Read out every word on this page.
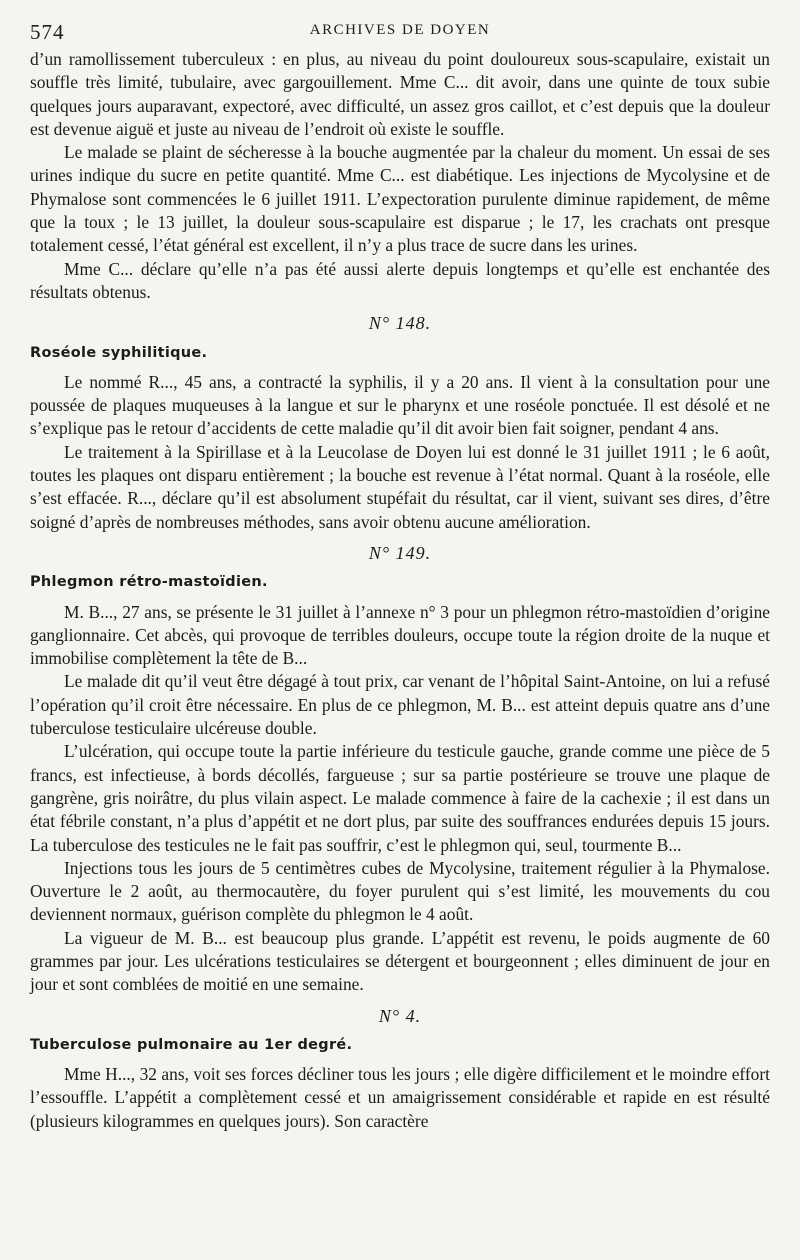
574	ARCHIVES DE DOYEN

d’un ramollissement tuberculeux : en plus, au niveau du point douloureux sous-scapulaire, existait un souffle très limité, tubulaire, avec gargouillement. Mme C... dit avoir, dans une quinte de toux subie quelques jours auparavant, expectoré, avec difficulté, un assez gros caillot, et c’est depuis que la douleur est devenue aiguë et juste au niveau de l’endroit où existe le souffle.

Le malade se plaint de sécheresse à la bouche augmentée par la chaleur du moment. Un essai de ses urines indique du sucre en petite quantité. Mme C... est diabétique. Les injections de Mycolysine et de Phymalose sont commencées le 6 juillet 1911. L’expectoration purulente diminue rapidement, de même que la toux ; le 13 juillet, la douleur sous-scapulaire est disparue ; le 17, les crachats ont presque totalement cessé, l’état général est excellent, il n’y a plus trace de sucre dans les urines.

Mme C... déclare qu’elle n’a pas été aussi alerte depuis longtemps et qu’elle est enchantée des résultats obtenus.

N° 148.
Roséole syphilitique.

Le nommé R..., 45 ans, a contracté la syphilis, il y a 20 ans. Il vient à la consultation pour une poussée de plaques muqueuses à la langue et sur le pharynx et une roséole ponctuée. Il est désolé et ne s’explique pas le retour d’accidents de cette maladie qu’il dit avoir bien fait soigner, pendant 4 ans.

Le traitement à la Spirillase et à la Leucolase de Doyen lui est donné le 31 juillet 1911 ; le 6 août, toutes les plaques ont disparu entièrement ; la bouche est revenue à l’état normal. Quant à la roséole, elle s’est effacée. R..., déclare qu’il est absolument stupéfait du résultat, car il vient, suivant ses dires, d’être soigné d’après de nombreuses méthodes, sans avoir obtenu aucune amélioration.

N° 149.
Phlegmon rétro-mastoïdien.

M. B..., 27 ans, se présente le 31 juillet à l’annexe n° 3 pour un phlegmon rétro-mastoïdien d’origine ganglionnaire. Cet abcès, qui provoque de terribles douleurs, occupe toute la région droite de la nuque et immobilise complètement la tête de B...

Le malade dit qu’il veut être dégagé à tout prix, car venant de l’hôpital Saint-Antoine, on lui a refusé l’opération qu’il croit être nécessaire. En plus de ce phlegmon, M. B... est atteint depuis quatre ans d’une tuberculose testiculaire ulcéreuse double.

L’ulcération, qui occupe toute la partie inférieure du testicule gauche, grande comme une pièce de 5 francs, est infectieuse, à bords décollés, fargueuse ; sur sa partie postérieure se trouve une plaque de gangrène, gris noirâtre, du plus vilain aspect. Le malade commence à faire de la cachexie ; il est dans un état fébrile constant, n’a plus d’appétit et ne dort plus, par suite des souffrances endurées depuis 15 jours. La tuberculose des testicules ne le fait pas souffrir, c’est le phlegmon qui, seul, tourmente B...

Injections tous les jours de 5 centimètres cubes de Mycolysine, traitement régulier à la Phymalose. Ouverture le 2 août, au thermocautère, du foyer purulent qui s’est limité, les mouvements du cou deviennent normaux, guérison complète du phlegmon le 4 août.

La vigueur de M. B... est beaucoup plus grande. L’appétit est revenu, le poids augmente de 60 grammes par jour. Les ulcérations testiculaires se détergent et bourgeonnent ; elles diminuent de jour en jour et sont comblées de moitié en une semaine.

N° 4.
Tuberculose pulmonaire au 1er degré.

Mme H..., 32 ans, voit ses forces décliner tous les jours ; elle digère difficilement et le moindre effort l’essouffle. L’appétit a complètement cessé et un amaigrissement considérable et rapide en est résulté (plusieurs kilogrammes en quelques jours). Son caractère
